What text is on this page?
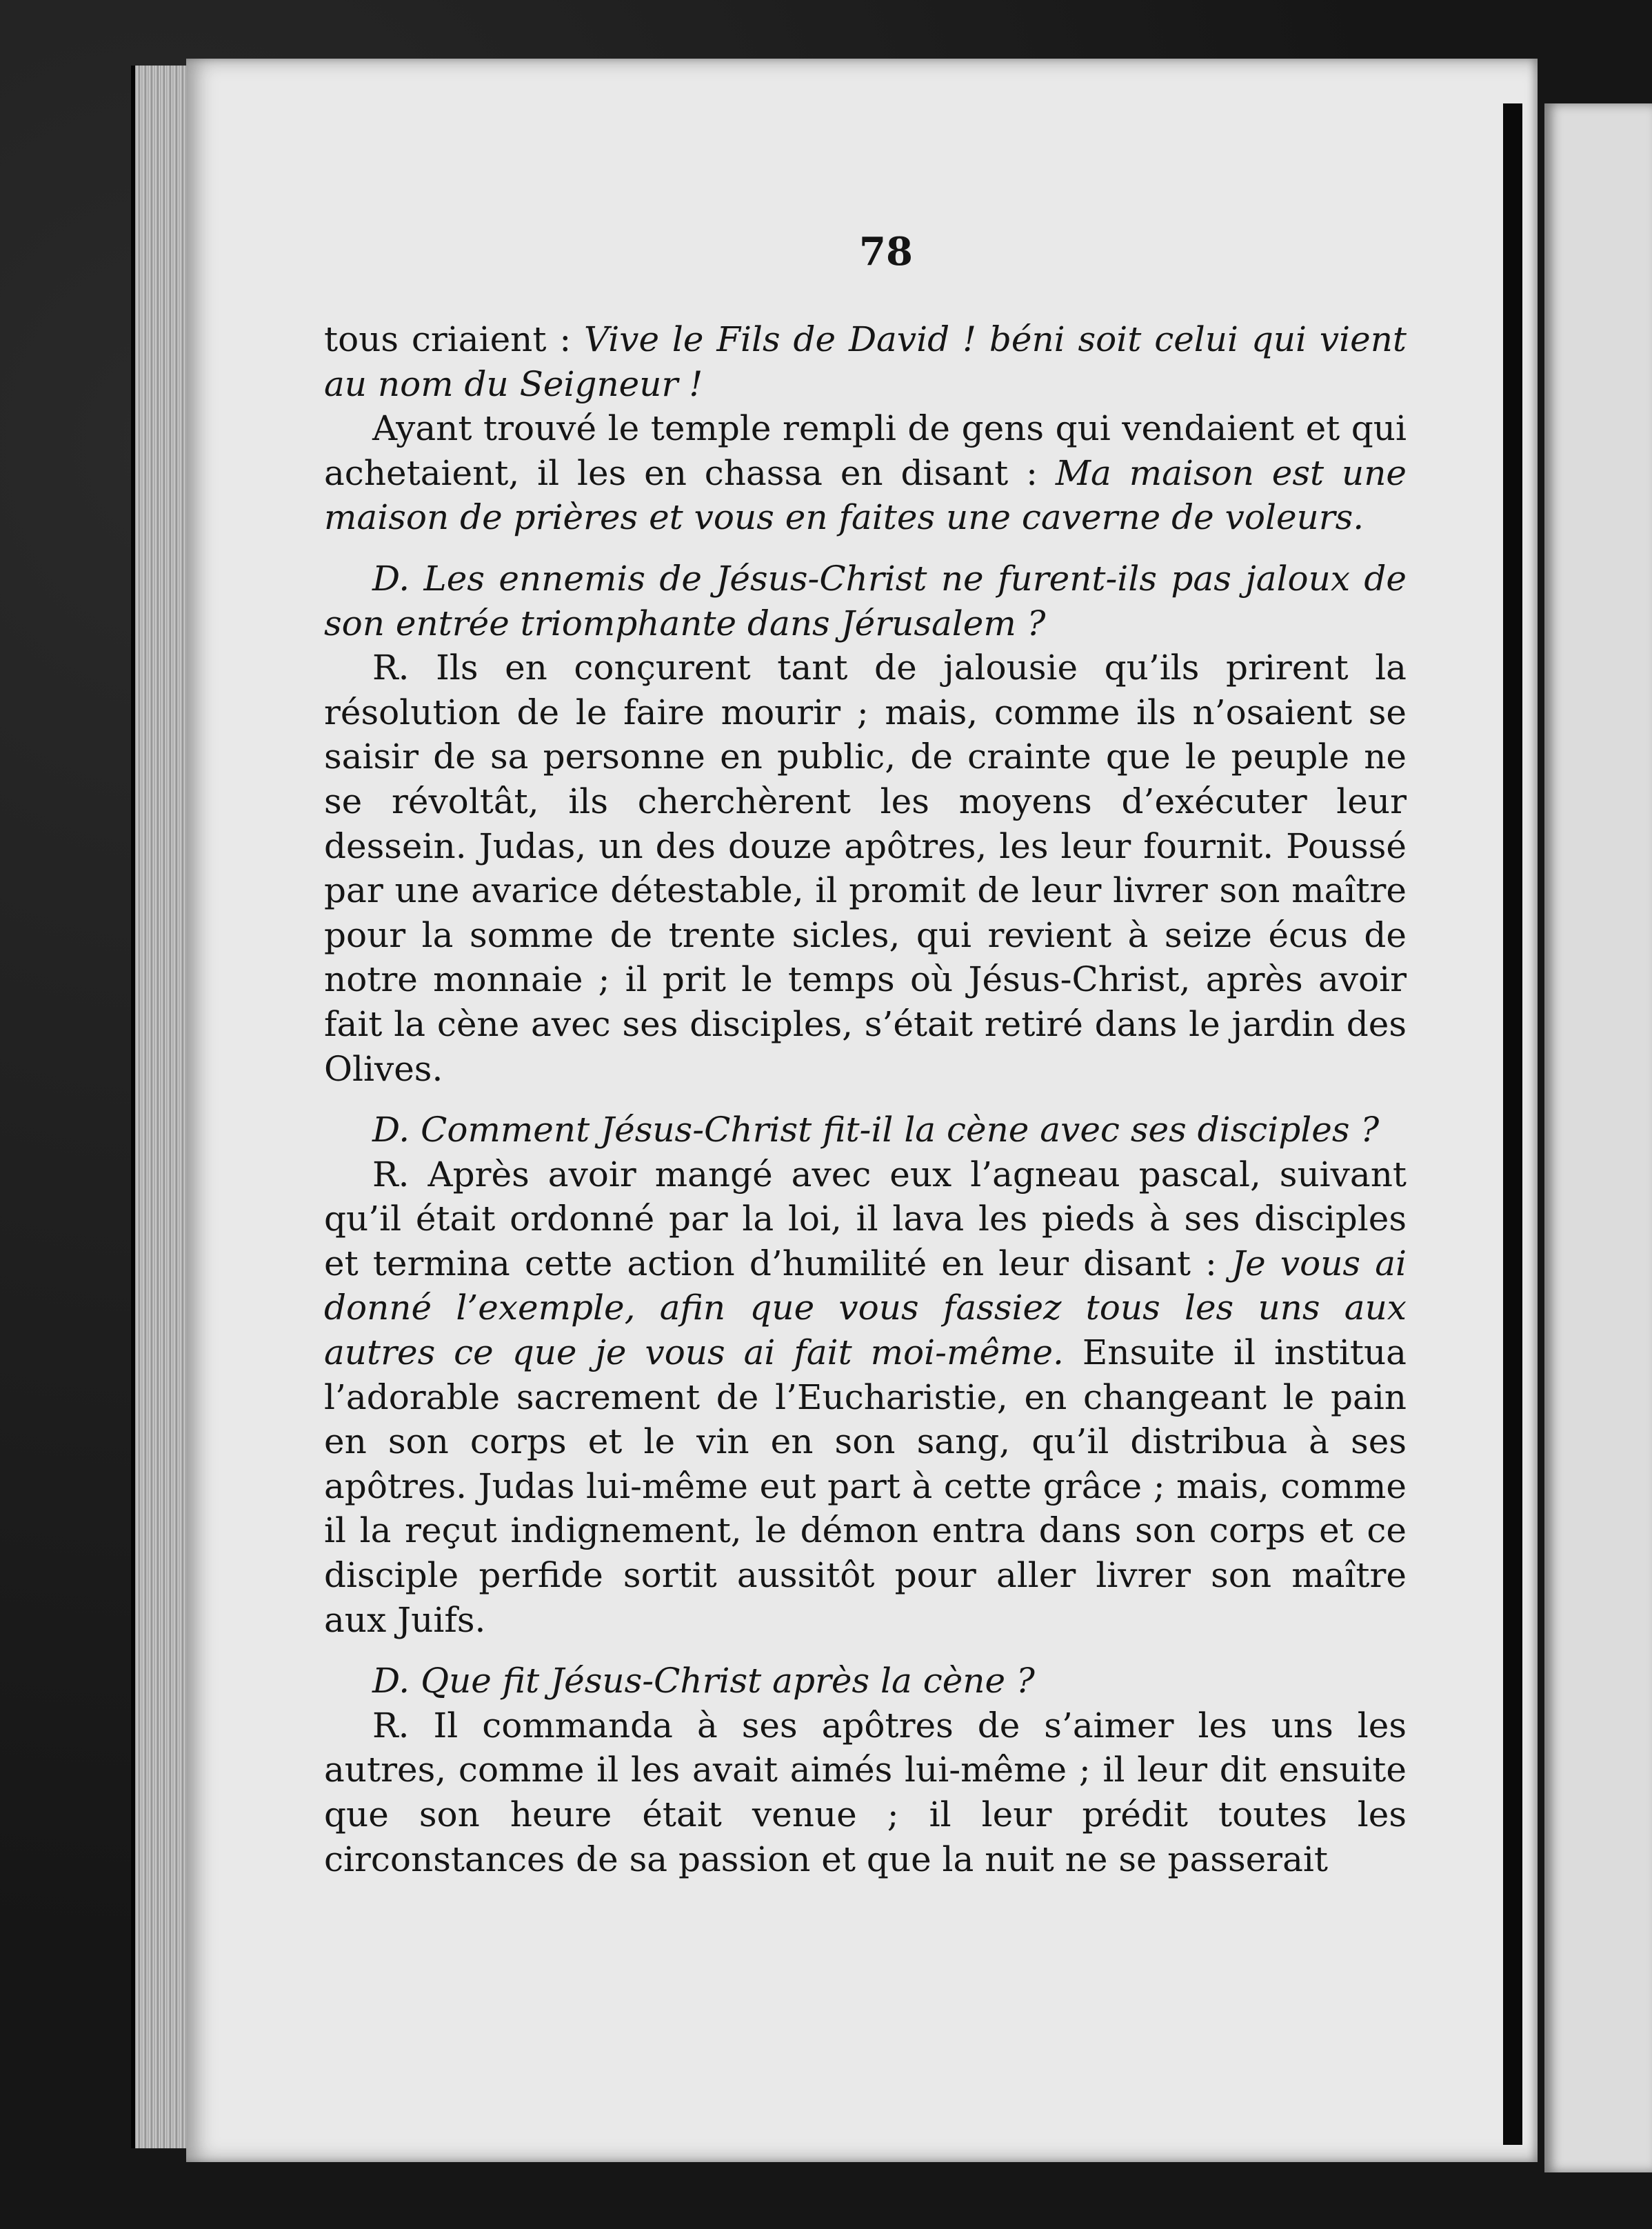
78

tous criaient : Vive le Fils de David ! béni soit celui qui vient au nom du Seigneur !

Ayant trouvé le temple rempli de gens qui vendaient et qui achetaient, il les en chassa en disant : Ma maison est une maison de prières et vous en faites une caverne de voleurs.

D. Les ennemis de Jésus-Christ ne furent-ils pas jaloux de son entrée triomphante dans Jérusalem ?

R. Ils en conçurent tant de jalousie qu’ils prirent la résolution de le faire mourir ; mais, comme ils n’osaient se saisir de sa personne en public, de crainte que le peuple ne se révoltât, ils cherchèrent les moyens d’exécuter leur dessein. Judas, un des douze apôtres, les leur fournit. Poussé par une avarice détestable, il promit de leur livrer son maître pour la somme de trente sicles, qui revient à seize écus de notre monnaie ; il prit le temps où Jésus-Christ, après avoir fait la cène avec ses disciples, s’était retiré dans le jardin des Olives.

D. Comment Jésus-Christ fit-il la cène avec ses disciples ?

R. Après avoir mangé avec eux l’agneau pascal, suivant qu’il était ordonné par la loi, il lava les pieds à ses disciples et termina cette action d’humilité en leur disant : Je vous ai donné l’exemple, afin que vous fassiez tous les uns aux autres ce que je vous ai fait moi-même. Ensuite il institua l’adorable sacrement de l’Eucharistie, en changeant le pain en son corps et le vin en son sang, qu’il distribua à ses apôtres. Judas lui-même eut part à cette grâce ; mais, comme il la reçut indignement, le démon entra dans son corps et ce disciple perfide sortit aussitôt pour aller livrer son maître aux Juifs.

D. Que fit Jésus-Christ après la cène ?

R. Il commanda à ses apôtres de s’aimer les uns les autres, comme il les avait aimés lui-même ; il leur dit ensuite que son heure était venue ; il leur prédit toutes les circonstances de sa passion et que la nuit ne se passerait
